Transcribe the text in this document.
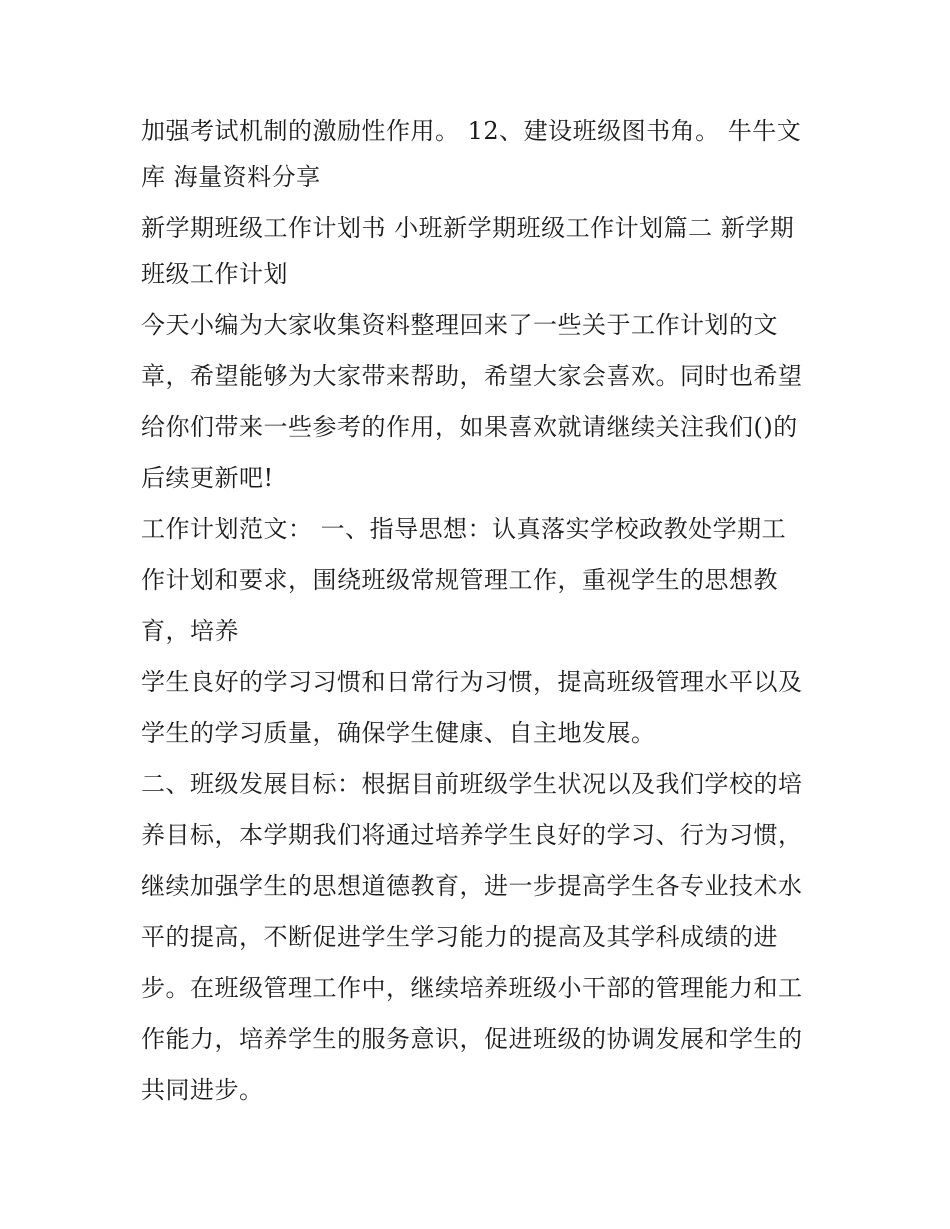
加强考试机制的激励性作用。 12、建设班级图书角。 牛牛文
库 海量资料分享

新学期班级工作计划书 小班新学期班级工作计划篇二 新学期
班级工作计划

今天小编为大家收集资料整理回来了一些关于工作计划的文
章，希望能够为大家带来帮助，希望大家会喜欢。同时也希望
给你们带来一些参考的作用，如果喜欢就请继续关注我们()的
后续更新吧!

工作计划范文： 一、指导思想：认真落实学校政教处学期工
作计划和要求，围绕班级常规管理工作，重视学生的思想教
育，培养

学生良好的学习习惯和日常行为习惯，提高班级管理水平以及
学生的学习质量，确保学生健康、自主地发展。

二、班级发展目标：根据目前班级学生状况以及我们学校的培
养目标，本学期我们将通过培养学生良好的学习、行为习惯，
继续加强学生的思想道德教育，进一步提高学生各专业技术水
平的提高，不断促进学生学习能力的提高及其学科成绩的进
步。在班级管理工作中，继续培养班级小干部的管理能力和工
作能力，培养学生的服务意识，促进班级的协调发展和学生的
共同进步。
